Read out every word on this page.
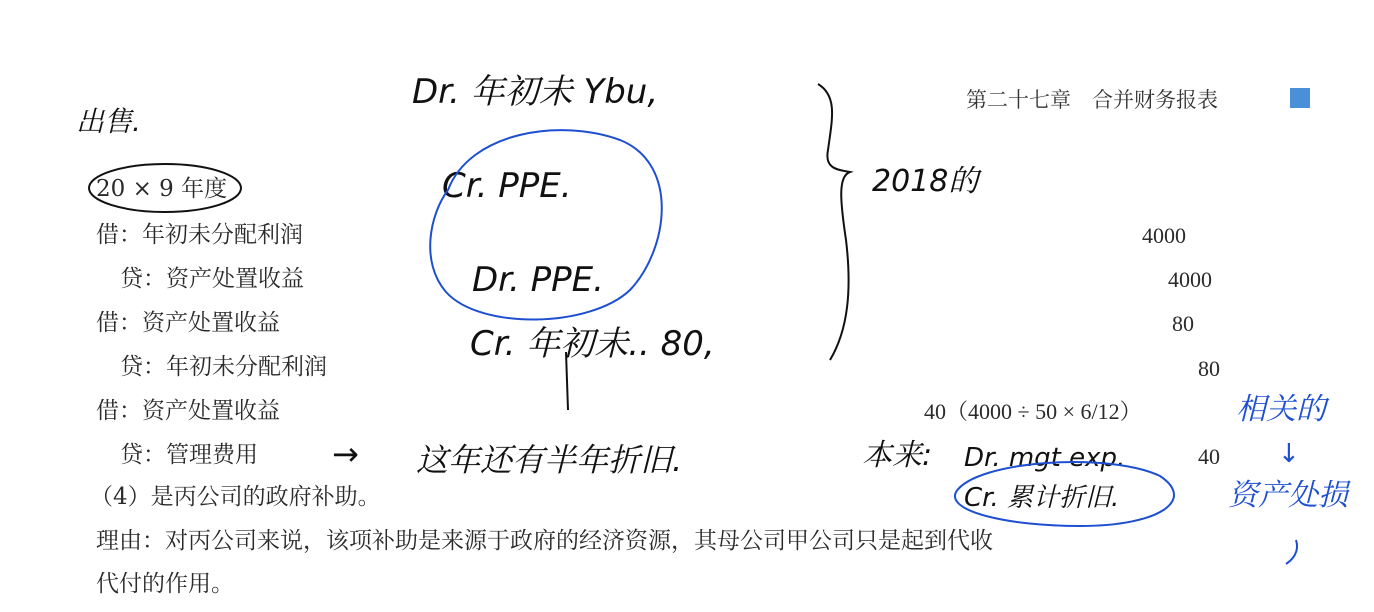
第二十七章　合并财务报表
20 × 9 年度
借：年初未分配利润	4000
贷：资产处置收益	4000
借：资产处置收益	80
贷：年初未分配利润	80
借：资产处置收益	40（4000 ÷ 50 × 6/12）
贷：管理费用	40
（4）是丙公司的政府补助。
理由：对丙公司来说，该项补助是来源于政府的经济资源，其母公司甲公司只是起到代收
代付的作用。
出售.
Dr. 年初未 Ybu,
Cr. PPE.
Dr. PPE.
Cr. 年初未.. 80,
2018的
→ 这年还有半年折旧.	本来: Dr. mgt exp.
Cr. 累计折旧.
相关的
↓
资产处损
